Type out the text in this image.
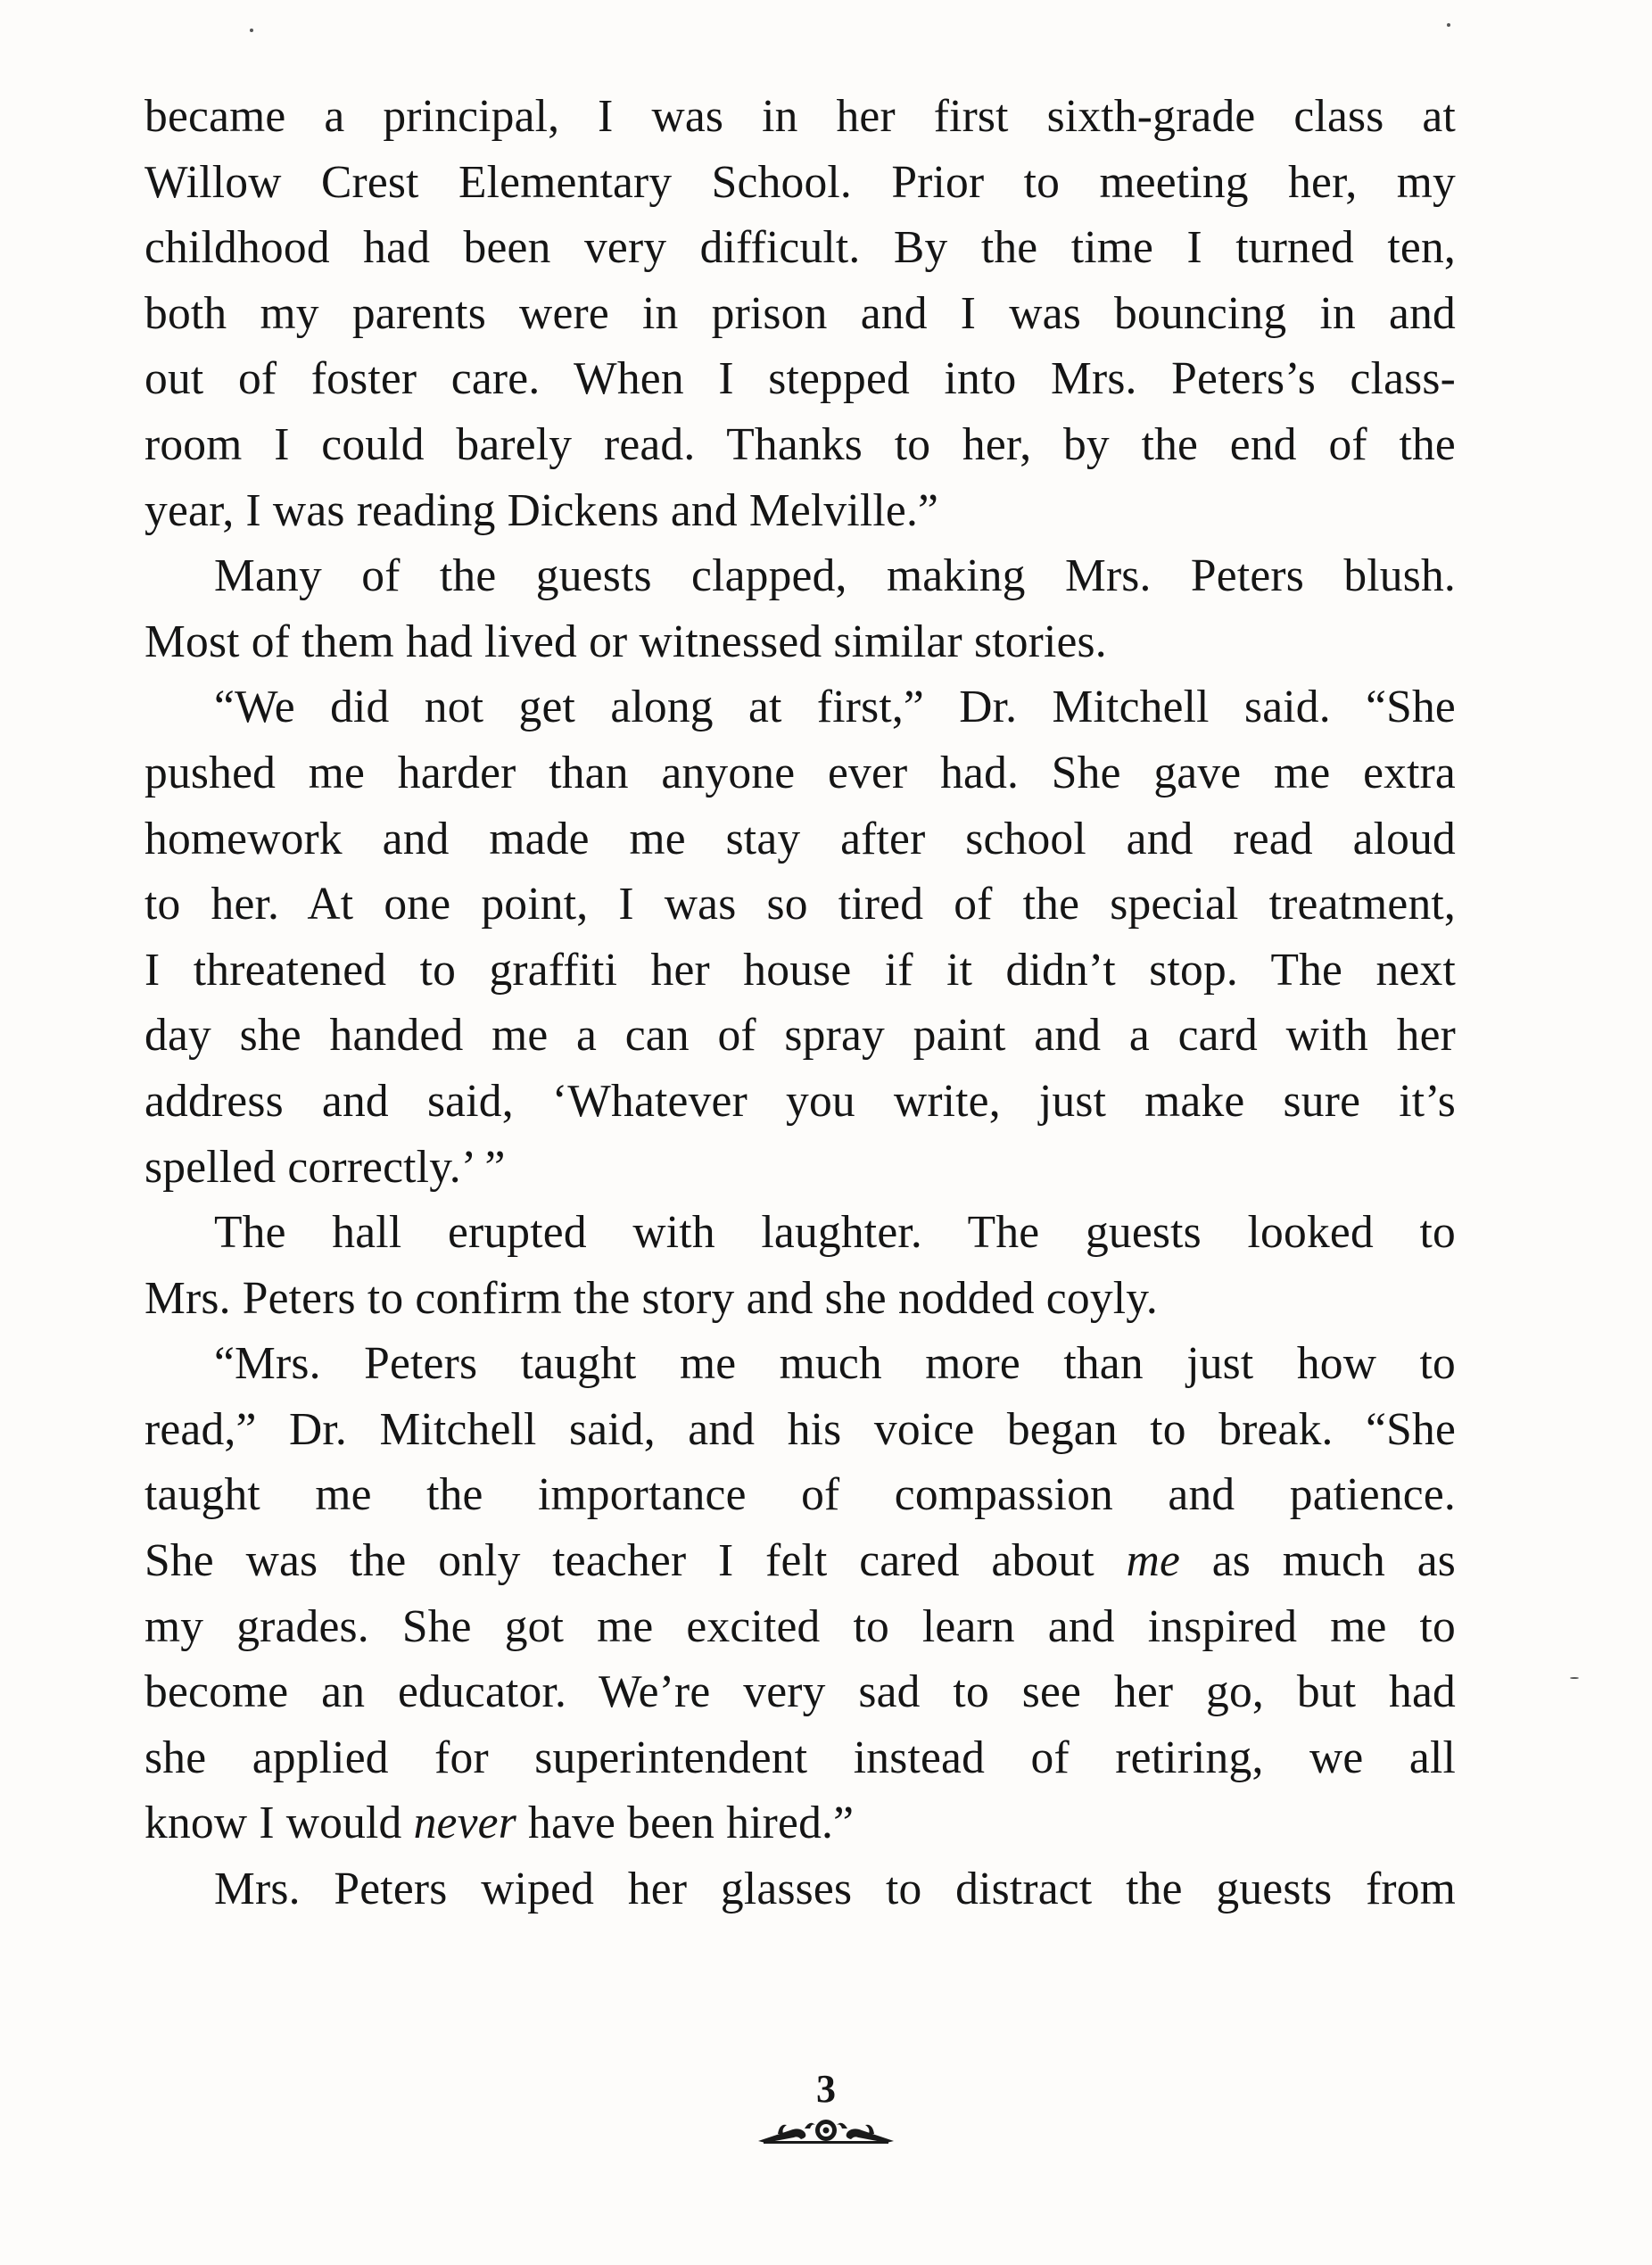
became a principal, I was in her first sixth-grade class at
Willow Crest Elementary School. Prior to meeting her, my
childhood had been very difficult. By the time I turned ten,
both my parents were in prison and I was bouncing in and
out of foster care. When I stepped into Mrs. Peters’s class-
room I could barely read. Thanks to her, by the end of the
year, I was reading Dickens and Melville.”
Many of the guests clapped, making Mrs. Peters blush.
Most of them had lived or witnessed similar stories.
“We did not get along at first,” Dr. Mitchell said. “She
pushed me harder than anyone ever had. She gave me extra
homework and made me stay after school and read aloud
to her. At one point, I was so tired of the special treatment,
I threatened to graffiti her house if it didn’t stop. The next
day she handed me a can of spray paint and a card with her
address and said, ‘Whatever you write, just make sure it’s
spelled correctly.’ ”
The hall erupted with laughter. The guests looked to
Mrs. Peters to confirm the story and she nodded coyly.
“Mrs. Peters taught me much more than just how to
read,” Dr. Mitchell said, and his voice began to break. “She
taught me the importance of compassion and patience.
She was the only teacher I felt cared about me as much as
my grades. She got me excited to learn and inspired me to
become an educator. We’re very sad to see her go, but had
she applied for superintendent instead of retiring, we all
know I would never have been hired.”
Mrs. Peters wiped her glasses to distract the guests from
3
